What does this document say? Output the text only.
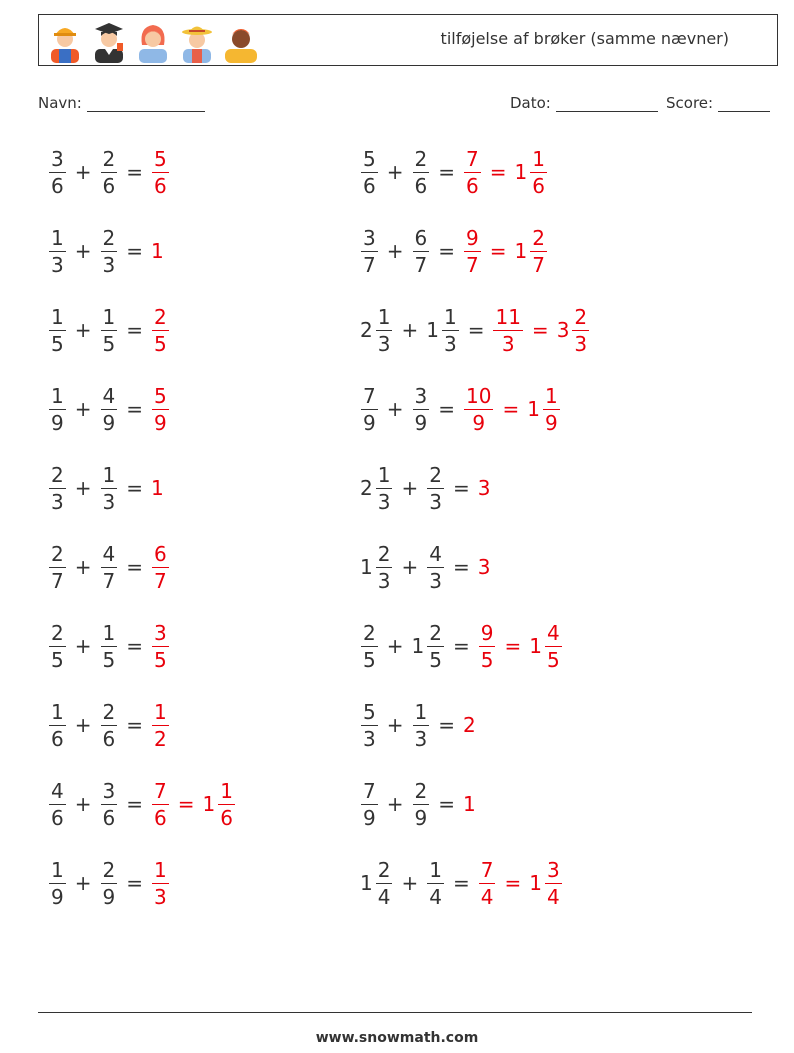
tilføjelse af brøker (samme nævner)
Navn:	Dato:	Score:
$\frac{3}{6} + \frac{2}{6} = \frac{5}{6}$
$\frac{1}{3} + \frac{2}{3} = 1$
$\frac{1}{5} + \frac{1}{5} = \frac{2}{5}$
$\frac{1}{9} + \frac{4}{9} = \frac{5}{9}$
$\frac{2}{3} + \frac{1}{3} = 1$
$\frac{2}{7} + \frac{4}{7} = \frac{6}{7}$
$\frac{2}{5} + \frac{1}{5} = \frac{3}{5}$
$\frac{1}{6} + \frac{2}{6} = \frac{1}{2}$
$\frac{4}{6} + \frac{3}{6} = \frac{7}{6} = 1 \frac{1}{6}$
$\frac{1}{9} + \frac{2}{9} = \frac{1}{3}$
$\frac{5}{6} + \frac{2}{6} = \frac{7}{6} = 1 \frac{1}{6}$
$\frac{3}{7} + \frac{6}{7} = \frac{9}{7} = 1 \frac{2}{7}$
$2 \frac{1}{3} + 1 \frac{1}{3} = \frac{11}{3} = 3 \frac{2}{3}$
$\frac{7}{9} + \frac{3}{9} = \frac{10}{9} = 1 \frac{1}{9}$
$2 \frac{1}{3} + \frac{2}{3} = 3$
$1 \frac{2}{3} + \frac{4}{3} = 3$
$\frac{2}{5} + 1 \frac{2}{5} = \frac{9}{5} = 1 \frac{4}{5}$
$\frac{5}{3} + \frac{1}{3} = 2$
$\frac{7}{9} + \frac{2}{9} = 1$
$1 \frac{2}{4} + \frac{1}{4} = \frac{7}{4} = 1 \frac{3}{4}$
www.snowmath.com
